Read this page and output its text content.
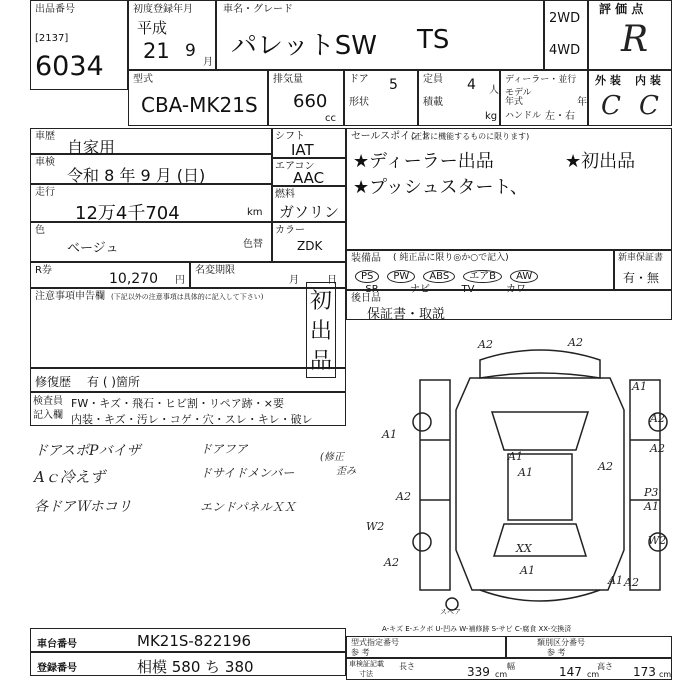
出品番号
[2137]
6034
初度登録年月
平成
21 9
月
車名・グレード
パレットSW TS
2WD
4WD
評 価 点
R
型式
CBA-MK21S
排気量
660
cc
ドア 5
形状
定員 4 人
積載
kg
ディーラー・並行
モデル年式	年
ハンドル 左・右
外 装 内 装
C C
車歴
自家用
車検
令和 8 年 9 月 (日)
走行
12万4千704	km
色
ベージュ	色替
R券
10,270 円
名変期限
月	日
シフト
IAT
エアコン
AAC
燃料
ガソリン
カラー
ZDK
セールスポイント
(正常に機能するものに限ります)
★ディーラー出品	★初出品
★プッシュスタート、
装備品 ( 純正品に限り◎か○で記入)
PS PW ABS エアB AW
SR	ナビ	TV	カワ
新車保証書
有・無
後日品
保証書・取説
注意事項申告欄 (下記以外の注意事項は具体的に記入して下さい) 初出品
修復歴 有 ( )箇所
検査員
記入欄
FW・キズ・飛石・ヒビ割・リペア跡・×要
内装・キズ・汚レ・コゲ・穴・スレ・キレ・破レ
ドアスポPバイザ
Aｃ冷えず
各ドアＷホコリ
ドアフア
ドサイドメンバー
エンドパネルＸＸ
(修正
歪み
A2	A2
A1
A2
A1
A2
A1
A1
A2
A2
P3
A1
W2
W2
XX
A1
A2
A1 A2
スペア
A-キズ E-エクボ U-凹み W-補修跡 S-サビ C-腐食 XX-交換済
車台番号	MK21S-822196
登録番号	相模 580 ち 380
型式指定番号
参 考
類別区分番号
参 考
車検証記載
寸法
長さ	339 cm
幅	147 cm
高さ 173 cm
